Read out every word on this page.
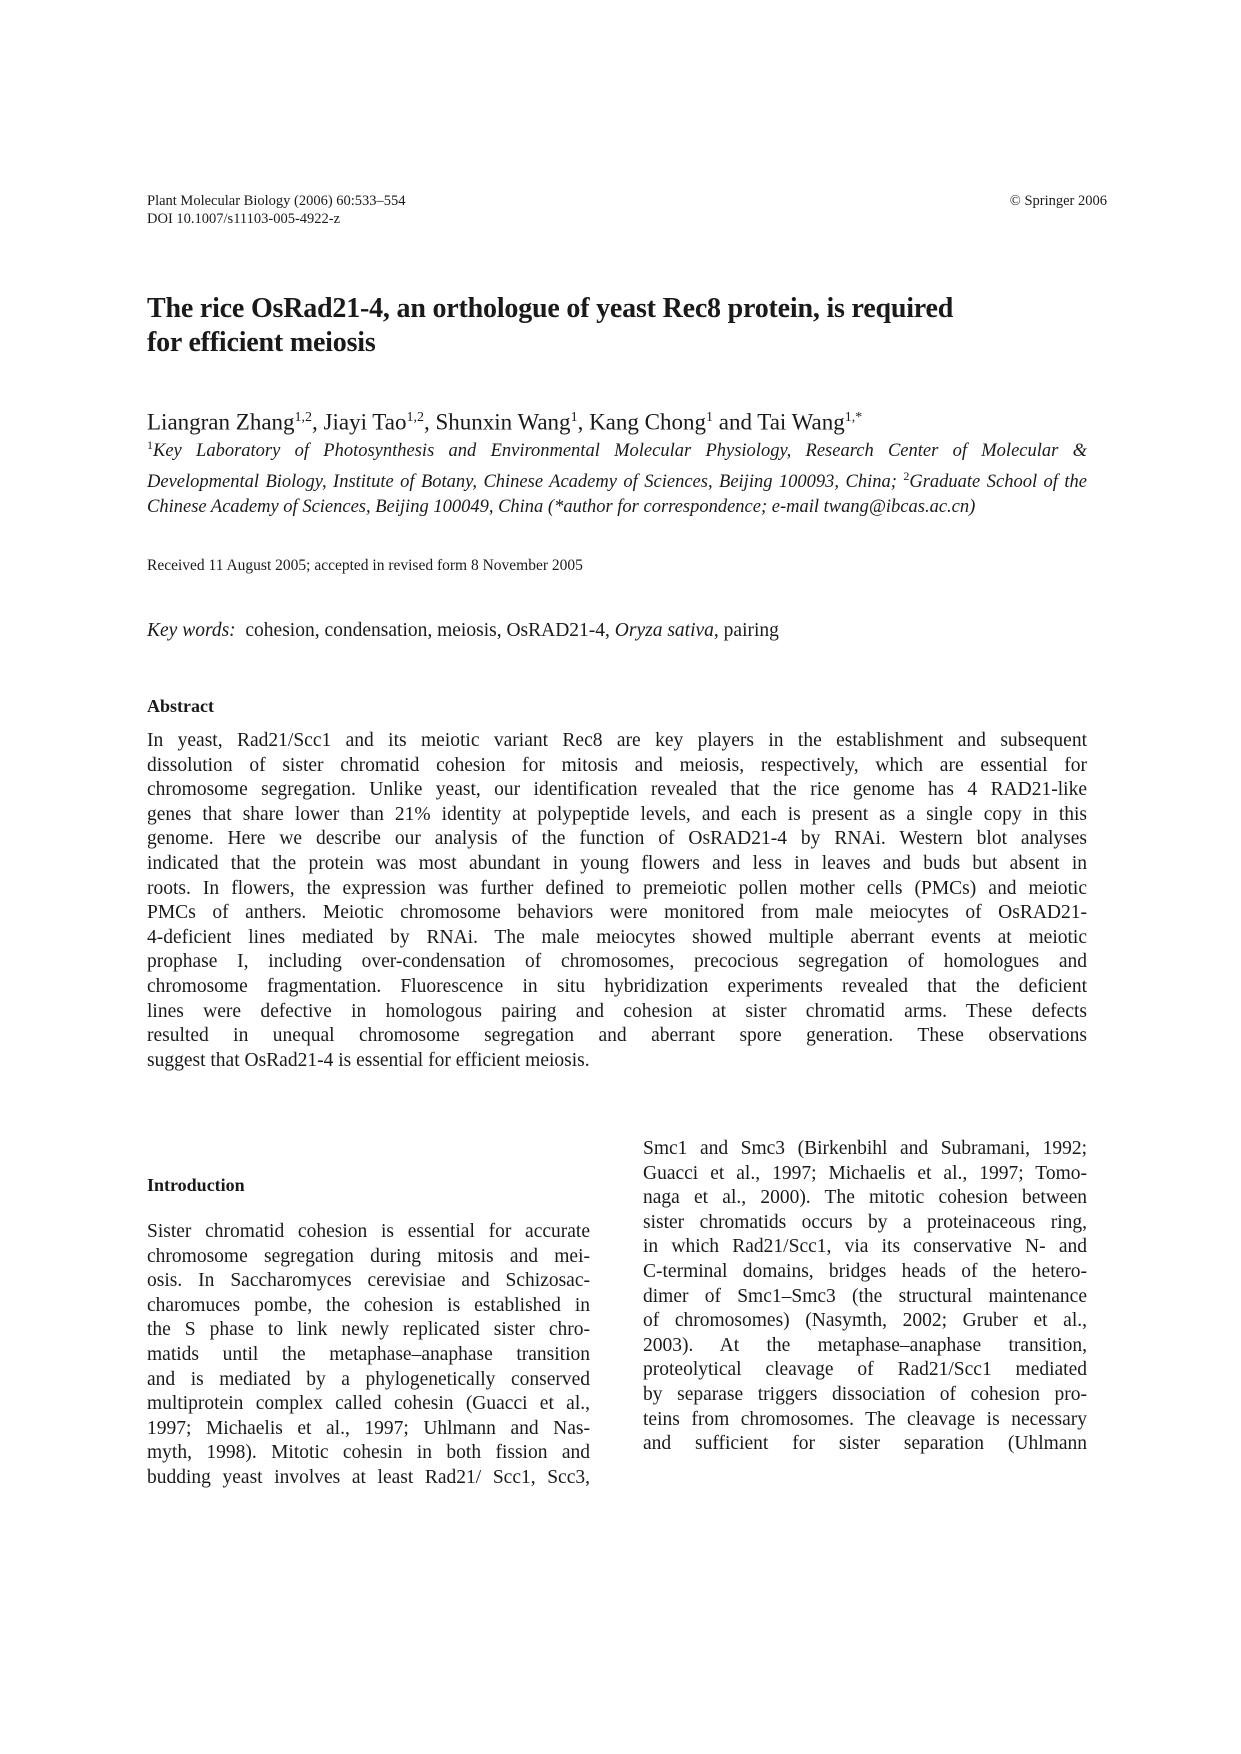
Plant Molecular Biology (2006) 60:533–554
DOI 10.1007/s11103-005-4922-z
© Springer 2006
The rice OsRad21-4, an orthologue of yeast Rec8 protein, is required
for efficient meiosis
Liangran Zhang$^{1,2}$, Jiayi Tao$^{1,2}$, Shunxin Wang$^1$, Kang Chong$^1$ and Tai Wang$^{1,*}$
$^1$Key Laboratory of Photosynthesis and Environmental Molecular Physiology, Research Center of Molecular & Developmental Biology, Institute of Botany, Chinese Academy of Sciences, Beijing 100093, China; $^2$Graduate School of the Chinese Academy of Sciences, Beijing 100049, China (*author for correspondence; e-mail twang@ibcas.ac.cn)
Received 11 August 2005; accepted in revised form 8 November 2005
Key words: cohesion, condensation, meiosis, OsRAD21-4, Oryza sativa, pairing
Abstract
In yeast, Rad21/Scc1 and its meiotic variant Rec8 are key players in the establishment and subsequent
dissolution of sister chromatid cohesion for mitosis and meiosis, respectively, which are essential for
chromosome segregation. Unlike yeast, our identification revealed that the rice genome has 4 RAD21-like
genes that share lower than 21% identity at polypeptide levels, and each is present as a single copy in this
genome. Here we describe our analysis of the function of OsRAD21-4 by RNAi. Western blot analyses
indicated that the protein was most abundant in young flowers and less in leaves and buds but absent in
roots. In flowers, the expression was further defined to premeiotic pollen mother cells (PMCs) and meiotic
PMCs of anthers. Meiotic chromosome behaviors were monitored from male meiocytes of OsRAD21-
4-deficient lines mediated by RNAi. The male meiocytes showed multiple aberrant events at meiotic
prophase I, including over-condensation of chromosomes, precocious segregation of homologues and
chromosome fragmentation. Fluorescence in situ hybridization experiments revealed that the deficient
lines were defective in homologous pairing and cohesion at sister chromatid arms. These defects
resulted in unequal chromosome segregation and aberrant spore generation. These observations
suggest that OsRad21-4 is essential for efficient meiosis.
Introduction
Sister chromatid cohesion is essential for accurate
chromosome segregation during mitosis and mei-
osis. In Saccharomyces cerevisiae and Schizosac-
charomuces pombe, the cohesion is established in
the S phase to link newly replicated sister chro-
matids until the metaphase–anaphase transition
and is mediated by a phylogenetically conserved
multiprotein complex called cohesin (Guacci et al.,
1997; Michaelis et al., 1997; Uhlmann and Nas-
myth, 1998). Mitotic cohesin in both fission and
budding yeast involves at least Rad21/ Scc1, Scc3,
Smc1 and Smc3 (Birkenbihl and Subramani, 1992;
Guacci et al., 1997; Michaelis et al., 1997; Tomo-
naga et al., 2000). The mitotic cohesion between
sister chromatids occurs by a proteinaceous ring,
in which Rad21/Scc1, via its conservative N- and
C-terminal domains, bridges heads of the hetero-
dimer of Smc1–Smc3 (the structural maintenance
of chromosomes) (Nasymth, 2002; Gruber et al.,
2003). At the metaphase–anaphase transition,
proteolytical cleavage of Rad21/Scc1 mediated
by separase triggers dissociation of cohesion pro-
teins from chromosomes. The cleavage is necessary
and sufficient for sister separation (Uhlmann
